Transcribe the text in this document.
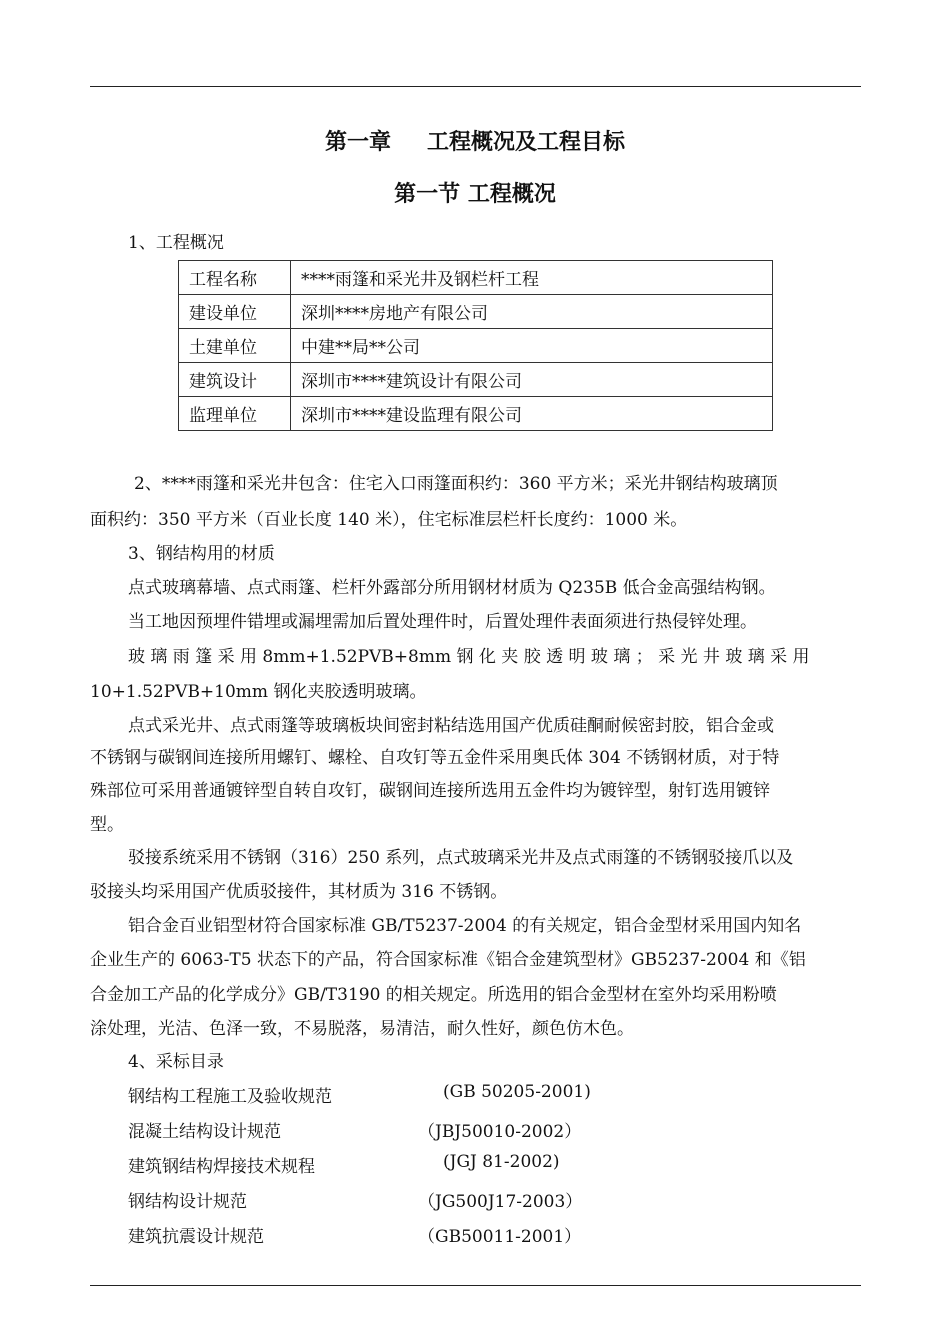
第一章 工程概况及工程目标
第一节 工程概况
1、工程概况
工程名称	****雨篷和采光井及钢栏杆工程
建设单位	深圳****房地产有限公司
土建单位	中建**局**公司
建筑设计	深圳市****建筑设计有限公司
监理单位	深圳市****建设监理有限公司
2、****雨篷和采光井包含：住宅入口雨篷面积约：360 平方米；采光井钢结构玻璃顶
面积约：350 平方米（百业长度 140 米），住宅标准层栏杆长度约：1000 米。
3、钢结构用的材质
点式玻璃幕墙、点式雨篷、栏杆外露部分所用钢材材质为 Q235B 低合金高强结构钢。
当工地因预埋件错埋或漏埋需加后置处理件时，后置处理件表面须进行热侵锌处理。
玻 璃 雨 篷 采 用 8mm+1.52PVB+8mm 钢 化 夹 胶 透 明 玻 璃 ； 采 光 井 玻 璃 采 用
10+1.52PVB+10mm 钢化夹胶透明玻璃。
点式采光井、点式雨篷等玻璃板块间密封粘结选用国产优质硅酮耐候密封胶，铝合金或
不锈钢与碳钢间连接所用螺钉、螺栓、自攻钉等五金件采用奥氏体 304 不锈钢材质，对于特
殊部位可采用普通镀锌型自转自攻钉，碳钢间连接所选用五金件均为镀锌型，射钉选用镀锌
型。
驳接系统采用不锈钢（316）250 系列，点式玻璃采光井及点式雨篷的不锈钢驳接爪以及
驳接头均采用国产优质驳接件，其材质为 316 不锈钢。
铝合金百业铝型材符合国家标准 GB/T5237-2004 的有关规定，铝合金型材采用国内知名
企业生产的 6063-T5 状态下的产品，符合国家标准《铝合金建筑型材》GB5237-2004 和《铝
合金加工产品的化学成分》GB/T3190 的相关规定。所选用的铝合金型材在室外均采用粉喷
涂处理，光洁、色泽一致，不易脱落，易清洁，耐久性好，颜色仿木色。
4、采标目录
钢结构工程施工及验收规范	(GB 50205-2001)
混凝土结构设计规范	（JBJ50010-2002）
建筑钢结构焊接技术规程	(JGJ 81-2002)
钢结构设计规范	（JG500J17-2003）
建筑抗震设计规范	（GB50011-2001）
